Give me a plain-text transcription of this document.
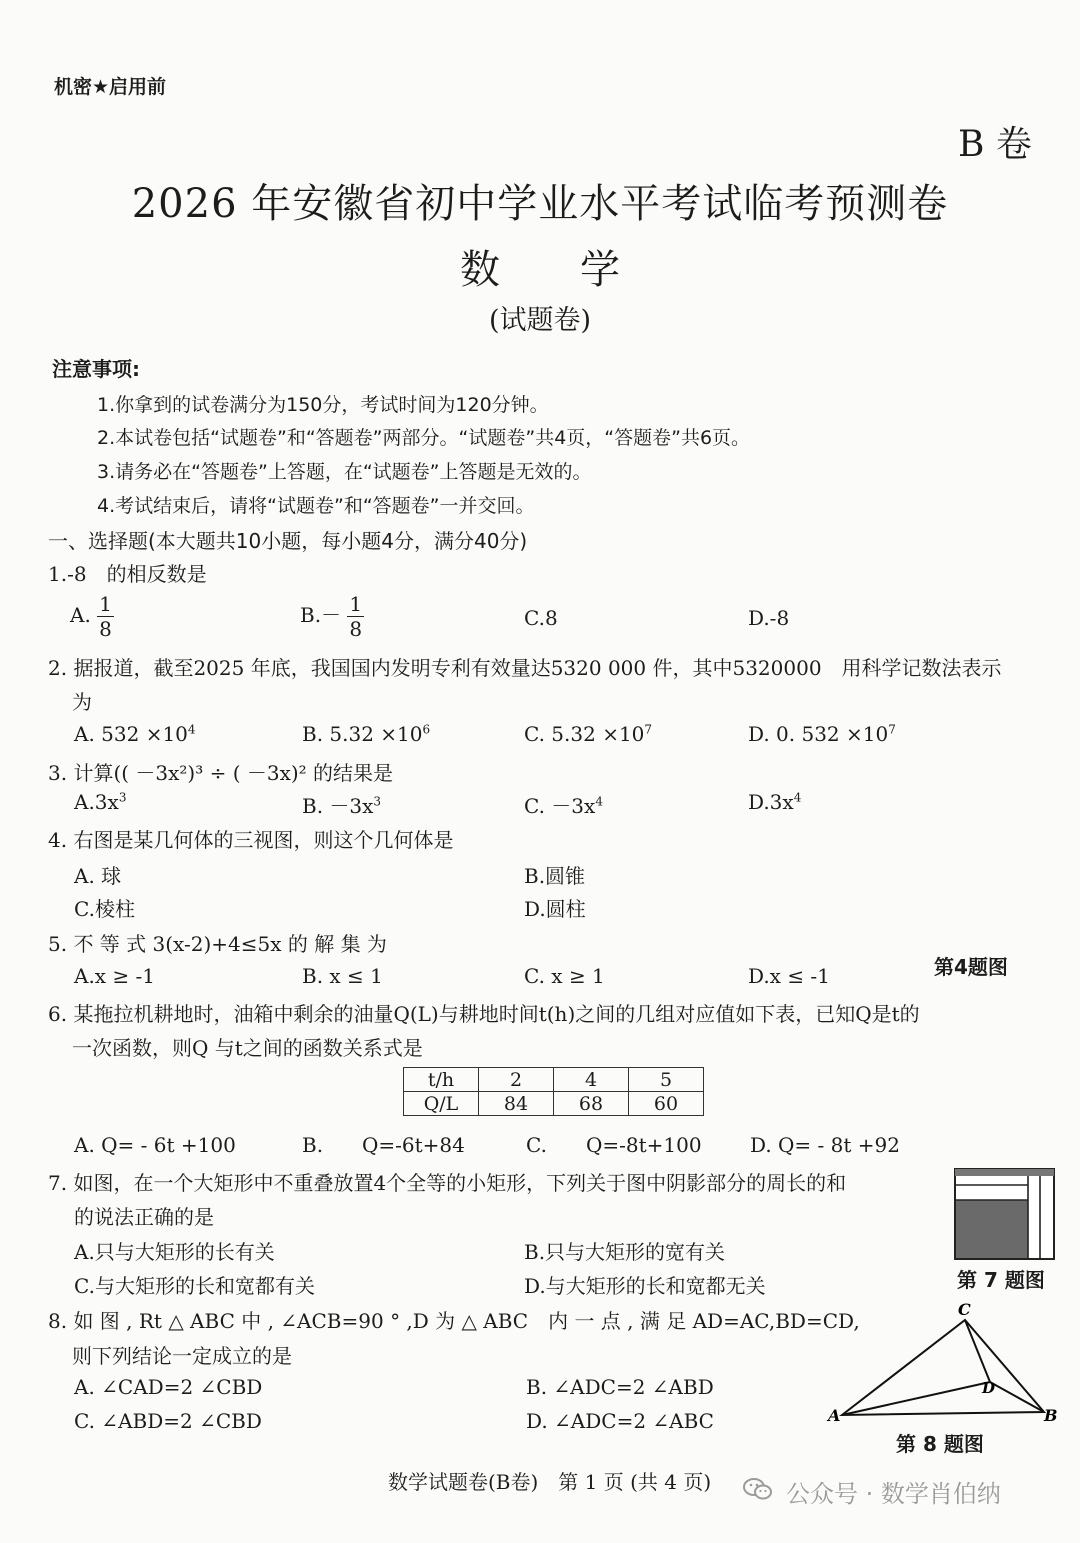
机密★启用前
B 卷
2026 年安徽省初中学业水平考试临考预测卷
数　　学
(试题卷)
注意事项:
1.你拿到的试卷满分为150分，考试时间为120分钟。
2.本试卷包括“试题卷”和“答题卷”两部分。“试题卷”共4页，“答题卷”共6页。
3.请务必在“答题卷”上答题，在“试题卷”上答题是无效的。
4.考试结束后，请将“试题卷”和“答题卷”一并交回。
一、选择题(本大题共10小题，每小题4分，满分40分)
1.-8　的相反数是
A. $\frac{1}{8}$	$B.- \frac{1}{8}$	C.8	D.-8
2. 据报道，截至2025 年底，我国国内发明专利有效量达5320 000 件，其中5320000　用科学记数法表示
为
A. $532 \times 10^4$	B. $5.32 \times 10^6$	C. $5.32 \times 10^7$	D. 0. $532 \times 10^7$
3. 计算(( －3x²)³ ÷ ( －3x)² 的结果是
$A.3x^3$	B. $-3x^3$	C. $-3x^4$	$D.3x^4$
4. 右图是某几何体的三视图，则这个几何体是
A. 球	B.圆锥
C.棱柱	D.圆柱
第4题图
5. 不 等 式 3(x-2)+4≤5x 的 解 集 为
A.x ≥ -1	B. x ≤ 1	C. x ≥ 1	D.x ≤ -1
6. 某拖拉机耕地时，油箱中剩余的油量Q(L)与耕地时间t(h)之间的几组对应值如下表，已知Q是t的
一次函数，则Q 与t之间的函数关系式是
t/h	2	4	5
Q/L	84	68	60
A. Q= - 6t +100	B. Q=-6t+84	C. Q=-8t+100 D. Q= - 8t +92
7. 如图，在一个大矩形中不重叠放置4个全等的小矩形，下列关于图中阴影部分的周长的和
的说法正确的是
A.只与大矩形的长有关	B.只与大矩形的宽有关
C.与大矩形的长和宽都有关	D.与大矩形的长和宽都无关	第 7 题图
8. 如 图 , Rt △ ABC 中 , ∠ACB=90 ° ,D 为 △ ABC　内 一 点 , 满 足 AD=AC,BD=CD,
则下列结论一定成立的是
A. ∠CAD=2 ∠CBD	B. ∠ADC=2 ∠ABD
C. ∠ABD=2 ∠CBD	D. ∠ADC=2 ∠ABC
C
D
A	B
第 8 题图
数学试题卷(B卷)　第 1 页 (共 4 页)	公众号 · 数学肖伯纳
